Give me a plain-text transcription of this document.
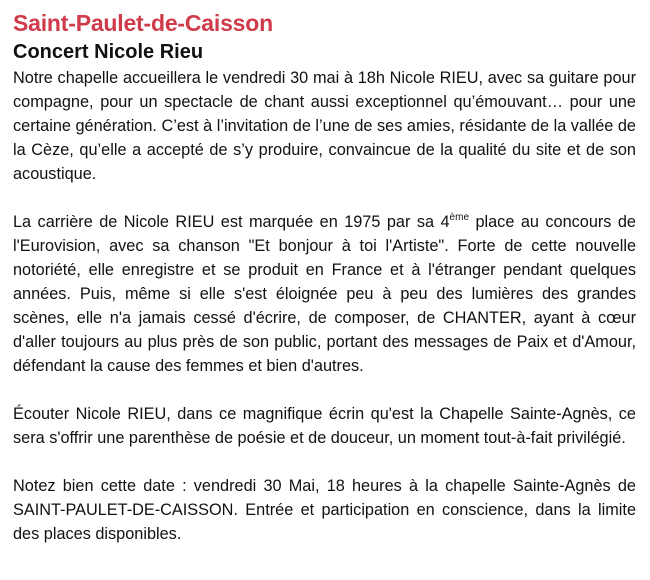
Saint-Paulet-de-Caisson
Concert Nicole Rieu

Notre chapelle accueillera le vendredi 30 mai à 18h Nicole RIEU, avec sa guitare pour compagne, pour un spectacle de chant aussi exceptionnel qu’émouvant… pour une certaine génération. C’est à l’invitation de l’une de ses amies, résidante de la vallée de la Cèze, qu’elle a accepté de s’y produire, convaincue de la qualité du site et de son acoustique.

La carrière de Nicole RIEU est marquée en 1975 par sa 4ème place au concours de l'Eurovision, avec sa chanson "Et bonjour à toi l'Artiste". Forte de cette nouvelle notoriété, elle enregistre et se produit en France et à l'étranger pendant quelques années. Puis, même si elle s'est éloignée peu à peu des lumières des grandes scènes, elle n'a jamais cessé d'écrire, de composer, de CHANTER, ayant à cœur d'aller toujours au plus près de son public, portant des messages de Paix et d'Amour, défendant la cause des femmes et bien d'autres.

Écouter Nicole RIEU, dans ce magnifique écrin qu'est la Chapelle Sainte-Agnès, ce sera s'offrir une parenthèse de poésie et de douceur, un moment tout-à-fait privilégié.

Notez bien cette date : vendredi 30 Mai, 18 heures à la chapelle Sainte-Agnès de SAINT-PAULET-DE-CAISSON. Entrée et participation en conscience, dans la limite des places disponibles.
